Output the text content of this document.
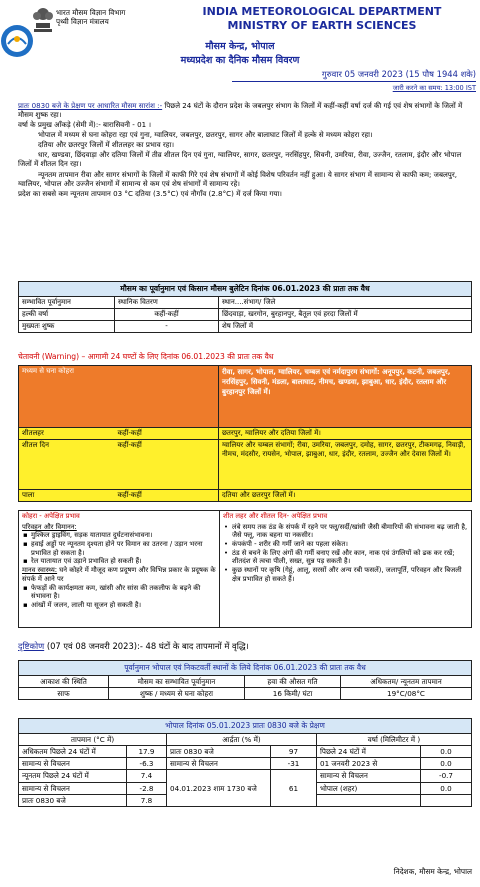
भारत मौसम विज्ञान विभाग
पृथ्वी विज्ञान मंत्रालय
INDIA METEOROLOGICAL DEPARTMENT
MINISTRY OF EARTH SCIENCES
मौसम केन्द्र, भोपाल
मध्यप्रदेश का दैनिक मौसम विवरण
गुरुवार 05 जनवरी 2023 (15 पौष 1944 शके)
जारी करने का समय: 13:00 IST
प्रातः 0830 बजे के प्रेक्षण पर आधारित मौसम सारांश :- पिछले 24 घंटों के दौरान प्रदेश के जबलपुर संभाग के जिलों में कहीं-कहीं वर्षा दर्ज की गई एवं शेष संभागों के जिलों में मौसम शुष्क रहा।
वर्षा के प्रमुख आँकड़े (सेमी में):- बारासिवनी - 01 ।
भोपाल में मध्यम से घना कोहरा रहा एवं गुना, ग्वालियर, जबलपुर, छतरपुर, सागर और बालाघाट जिलों में हल्के से मध्यम कोहरा रहा।
दतिया और छतरपुर जिलों में शीतलहर का प्रभाव रहा।
धार, खण्डवा, छिंदवाड़ा और दतिया जिलों में तीव्र शीतल दिन एवं गुना, ग्वालियर, सागर, छतरपुर, नरसिंहपुर, सिवनी, उमरिया, रीवा, उज्जैन, रतलाम, इंदौर और भोपाल जिलों में शीतल दिन रहा।
न्यूनतम तापमान रीवा और सागर संभागों के जिलों में काफी गिरे एवं शेष संभागों में कोई विशेष परिवर्तन नहीं हुआ। ये सागर संभाग में सामान्य से काफी कम; जबलपुर, ग्वालियर, भोपाल और उज्जैन संभागों में सामान्य से कम एवं शेष संभागों में सामान्य रहे।
प्रदेश का सबसे कम न्यूनतम तापमान 03 °C दतिया (3.5°C) एवं नौगाँव (2.8°C) में दर्ज किया गया।
मौसम का पूर्वानुमान एवं किसान मौसम बुलेटिन दिनांक 06.01.2023 की प्रातः तक वैध
सम्भावित पूर्वानुमान	स्थानिक वितरण	स्थान....संभाग/ जिले
हल्की वर्षा	कहीं-कहीं	छिंदवाड़ा, खरगोन, बुरहानपुर, बैतूल एवं हरदा जिलों में
मुख्यतः शुष्क	-	शेष जिलों में
चेतावनी (Warning) – आगामी 24 घण्टों के लिए दिनांक 06.01.2023 की प्रातः तक वैध
मध्यम से घना कोहरा		रीवा, सागर, भोपाल, ग्वालियर, चम्बल एवं नर्मदापुरम संभागों: अनूपपुर, कटनी, जबलपुर, नरसिंहपुर, सिवनी, मंडला, बालाघाट, नीमच, खण्डवा, झाबुआ, धार, इंदौर, रतलाम और बुरहानपुर जिलों में।
शीतलहर	कहीं-कहीं	छतरपुर, ग्वालियर और दतिया जिलों में।
शीतल दिन	कहीं-कहीं	ग्वालियर और चम्बल संभागों; रीवा, उमरिया, जबलपुर, दमोह, सागर, छतरपुर, टीकमगढ़, निवाड़ी, नीमच, मंदसौर, रायसेन, भोपाल, झाबुआ, धार, इंदौर, रतलाम, उज्जैन और देवास जिलों में।
पाला	कहीं-कहीं	दतिया और छतरपुर जिलों में।
कोहरा - अपेक्षित प्रभाव
परिवहन और विमानन:
▪ मुश्किल ड्राइविंग, सड़क यातायात दुर्घटनासंभावना।
▪ हवाई अड्डों पर न्यूनतम दृश्यता होने पर विमान का उतरना / उड़ान भरना प्रभावित हो सकता है।
▪ रेल यातायात एवं उड़ाने प्रभावित हो सकती हैं।
मानव स्वास्थ्य: घने कोहरे में मौजूद कण प्रदूषण और विभिन्न प्रकार के प्रदूषक के संपर्क में आने पर
▪ फेफड़ों की कार्यक्षमता कम, खांसी और सांस की तकलीफ के बढ़ने की संभावना है।
▪ आंखों में जलन, लाली या सूजन हो सकती है।
शीत लहर और शीतल दिन- अपेक्षित प्रभाव
• लंबे समय तक ठंड के संपर्क में रहने पर फ्लू/सर्दी/खांसी जैसी बीमारियों की संभावना बढ़ जाती है, जैसे फ्लू, नाक बहना या नकसीर।
• कंपकंपी - शरीर की गर्मी जाने का पहला संकेत।
• ठंड से बचने के लिए अंगों की गर्मी बनाए रखें और कान, नाक एवं उंगलियों को ढक कर रखें; शीतदंश से त्वचा पीली, सख्त, सुन्न पड़ सकती है।
• कुछ स्थानों पर कृषि (गेहूं, आलू, सरसों और अन्य रबी फसलें), जलापूर्ति, परिवहन और बिजली क्षेत्र प्रभावित हो सकते हैं।
दृष्टिकोण (07 एवं 08 जनवरी 2023):- 48 घंटों के बाद तापमानों में वृद्धि।
पूर्वानुमान भोपाल एवं निकटवर्ती स्थानों के लिये दिनांक 06.01.2023 की प्रातः तक वैध
आकाश की स्थिति	मौसम का सम्भावित पूर्वानुमान	हवा की औसत गति	अधिकतम/ न्यूनतम तापमान
साफ	शुष्क / मध्यम से घना कोहरा	16 किमी/ घंटा	19°C/08°C
भोपाल दिनांक 05.01.2023 प्रातः 0830 बजे के प्रेक्षण
तापमान (°C में)		आर्द्रता (% में)		वर्षा (मिलिमीटर में )	
अधिकतम पिछले 24 घंटों में	17.9	प्रातः 0830 बजे	97	पिछले 24 घंटों में	0.0
सामान्य से विचलन	-6.3	सामान्य से विचलन	-31	01 जनवरी 2023 से	0.0
न्यूनतम पिछले 24 घंटों में	7.4	04.01.2023 शाम 1730 बजे	61	सामान्य से विचलन	-0.7
सामान्य से विचलन	-2.8			भोपाल (शहर)	0.0
प्रातः 0830 बजे	7.8				
निदेशक, मौसम केन्द्र, भोपाल
